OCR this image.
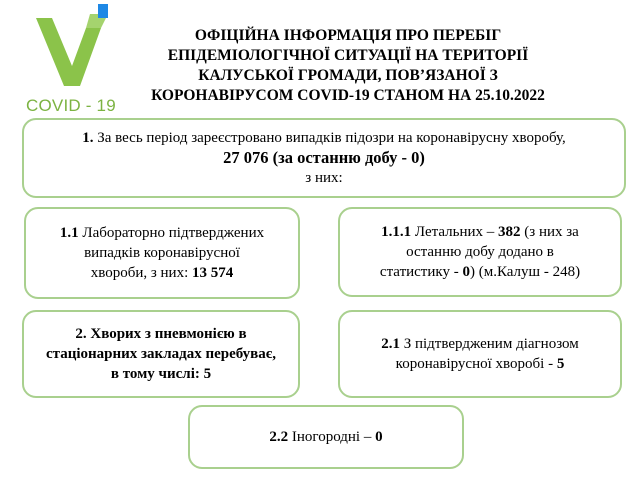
COVID - 19
ОФІЦІЙНА ІНФОРМАЦІЯ ПРО ПЕРЕБІГ
ЕПІДЕМІОЛОГІЧНОЇ СИТУАЦІЇ НА ТЕРИТОРІЇ
КАЛУСЬКОЇ ГРОМАДИ, ПОВ’ЯЗАНОЇ З
КОРОНАВІРУСОМ COVID-19 СТАНОМ НА 25.10.2022
1. За весь період зареєстровано випадків підозри на коронавірусну хворобу,
27 076 (за останню добу - 0)
з них:
1.1 Лабораторно підтверджених
випадків коронавірусної
хвороби, з них: 13 574
1.1.1 Летальних – 382 (з них за
останню добу додано в
статистику - 0) (м.Калуш - 248)
2. Хворих з пневмонією в
стаціонарних закладах перебуває,
в тому числі: 5
2.1 З підтвердженим діагнозом
коронавірусної хворобі - 5
2.2 Іногородні – 0
